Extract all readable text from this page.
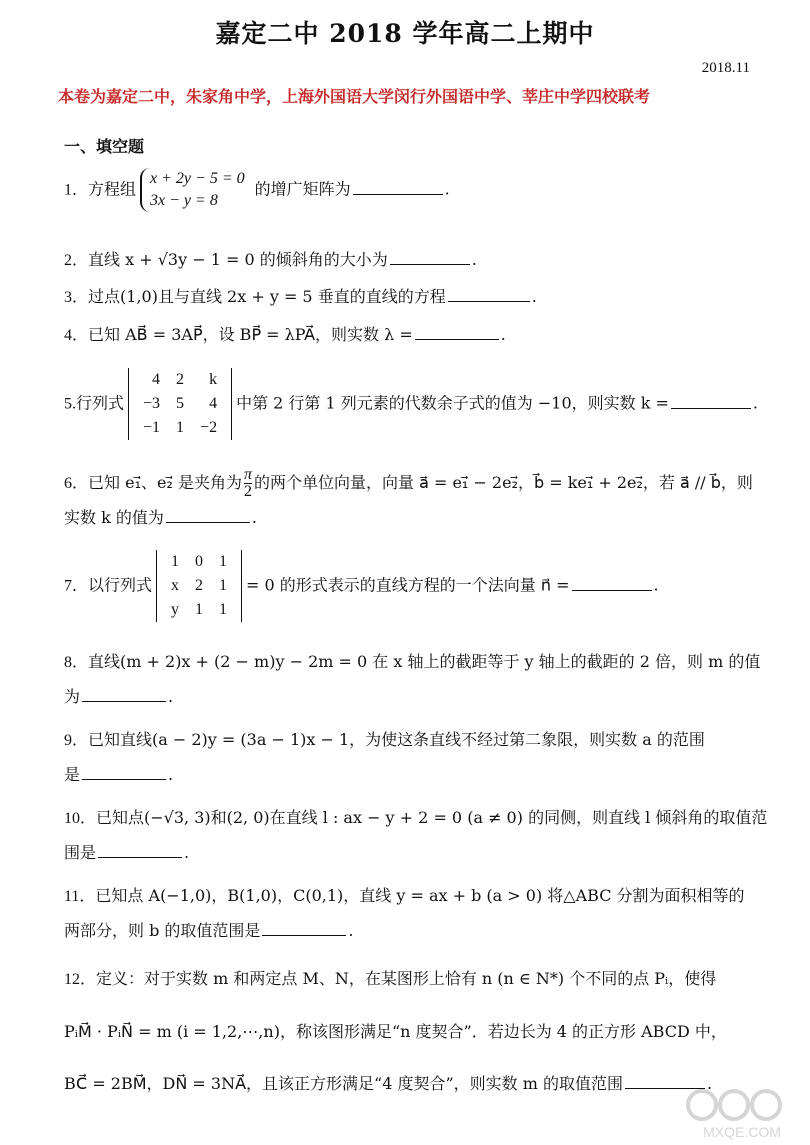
嘉定二中 2018 学年高二上期中
2018.11
本卷为嘉定二中，朱家角中学，上海外国语大学闵行外国语中学、莘庄中学四校联考
一、填空题
1．方程组
x + 2y − 5 = 0
3x − y = 8
的增广矩阵为	.
2．直线 x + √3y − 1 = 0 的倾斜角的大小为	.
3．过点(1,0)且与直线 2x + y = 5 垂直的直线的方程	.
4．已知 AB⃗ = 3AP⃗，设 BP⃗ = λPA⃗，则实数 λ =	.
5.行列式
4	2	k
−3	5	4
−1	1	−2
中第 2 行第 1 列元素的代数余子式的值为 −10，则实数 k =	.
6．已知 e₁⃗、e₂⃗ 是夹角为 $\frac{\pi}{2}$ 的两个单位向量，向量 a⃗ = e₁⃗ − 2e₂⃗，b⃗ = ke₁⃗ + 2e₂⃗，若 a⃗ // b⃗，则
实数 k 的值为	.
7．以行列式
1	0	1
x	2	1
y	1	1
= 0 的形式表示的直线方程的一个法向量 n⃗ =	.
8．直线(m + 2)x + (2 − m)y − 2m = 0 在 x 轴上的截距等于 y 轴上的截距的 2 倍，则 m 的值
为	.
9．已知直线(a − 2)y = (3a − 1)x − 1，为使这条直线不经过第二象限，则实数 a 的范围
是	.
10．已知点(−√3, 3)和(2, 0)在直线 l : ax − y + 2 = 0 (a ≠ 0) 的同侧，则直线 l 倾斜角的取值范
围是	.
11．已知点 A(−1,0)，B(1,0)，C(0,1)，直线 y = ax + b (a > 0) 将△ABC 分割为面积相等的
两部分，则 b 的取值范围是	.
12．定义：对于实数 m 和两定点 M、N，在某图形上恰有 n (n ∈ N*) 个不同的点 Pᵢ，使得
PᵢM⃗ · PᵢN⃗ = m (i = 1,2,⋯,n)，称该图形满足“n 度契合”．若边长为 4 的正方形 ABCD 中，
BC⃗ = 2BM⃗，DN⃗ = 3NA⃗，且该正方形满足“4 度契合”，则实数 m 的取值范围	.
MXQE.COM
